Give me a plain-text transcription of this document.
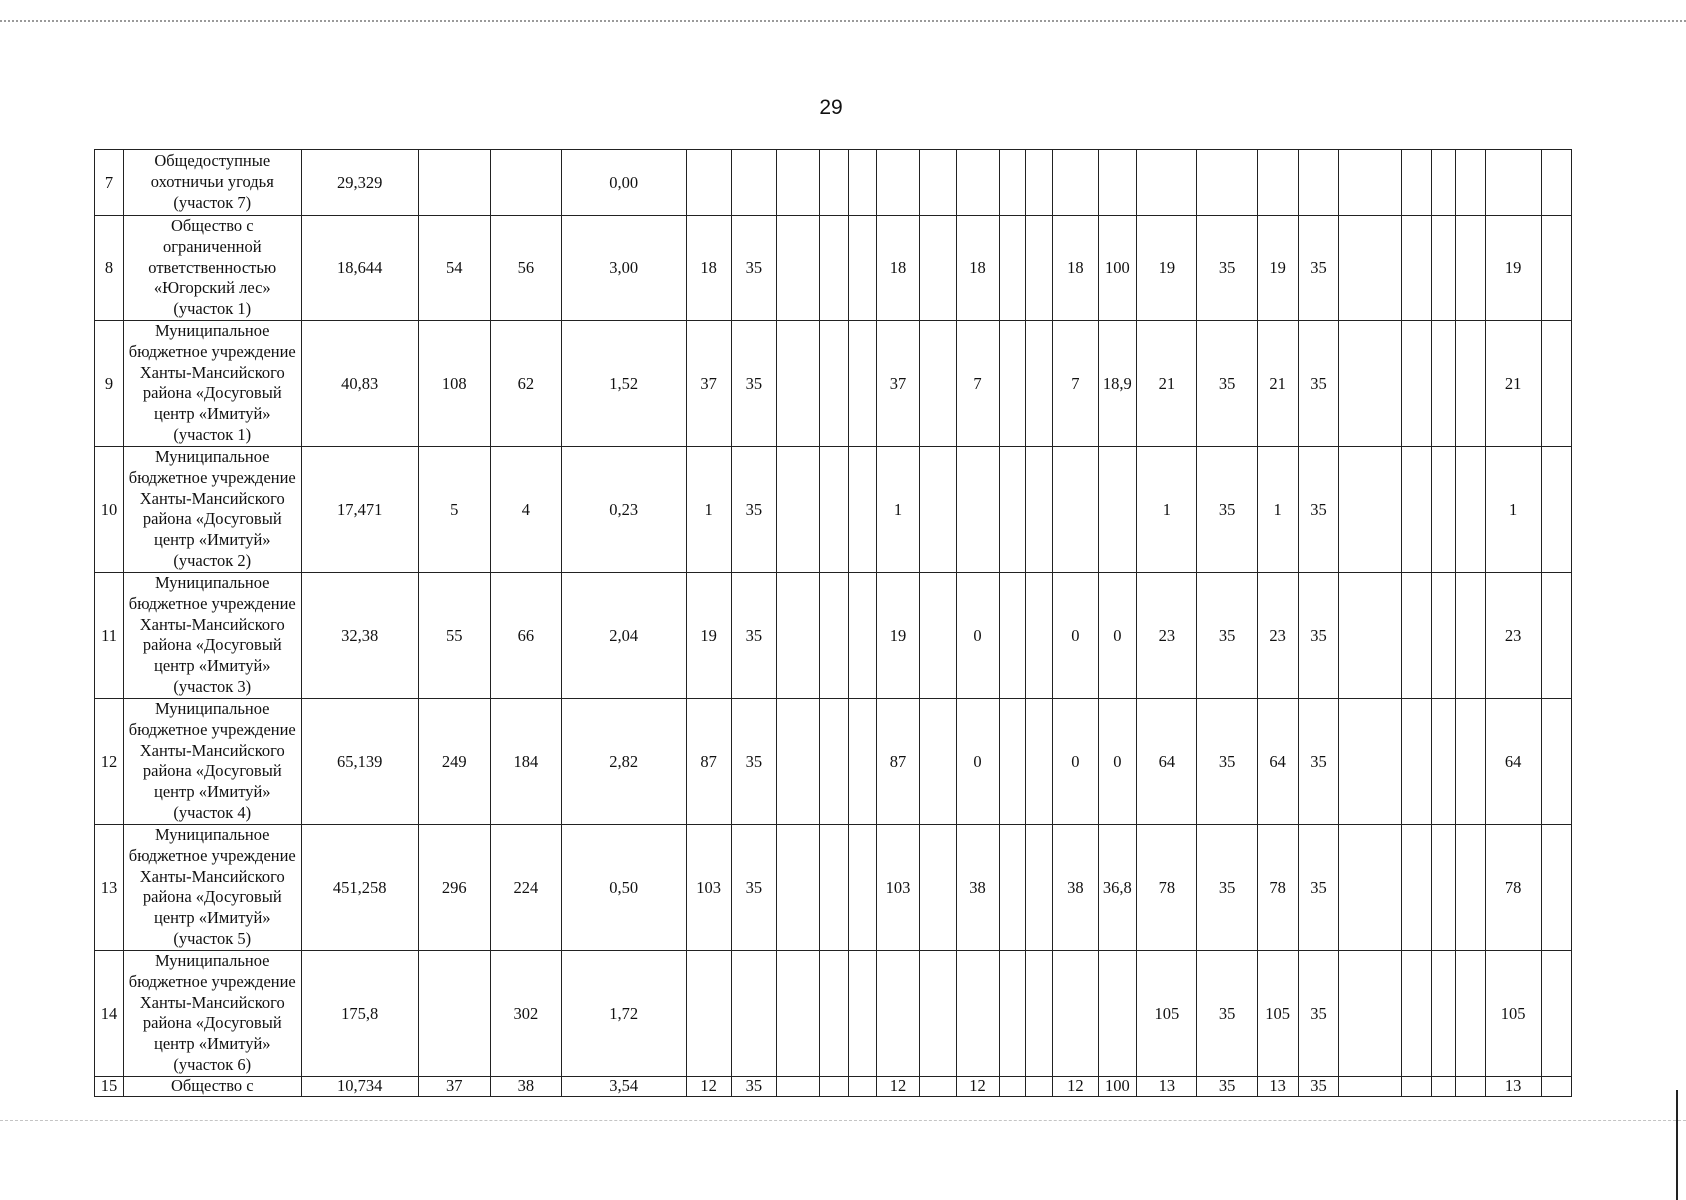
29
7	Общедоступные охотничьи угодья (участок 7)	29,329			0,00																						
8	Общество с ограниченной ответственностью «Югорский лес» (участок 1)	18,644	54	56	3,00	18	35				18		18			18	100	19	35	19	35					19	
9	Муниципальное бюджетное учреждение Ханты-Мансийского района «Досуговый центр «Имитуй» (участок 1)	40,83	108	62	1,52	37	35				37		7			7	18,9	21	35	21	35					21	
10	Муниципальное бюджетное учреждение Ханты-Мансийского района «Досуговый центр «Имитуй» (участок 2)	17,471	5	4	0,23	1	35				1							1	35	1	35					1	
11	Муниципальное бюджетное учреждение Ханты-Мансийского района «Досуговый центр «Имитуй» (участок 3)	32,38	55	66	2,04	19	35				19		0			0	0	23	35	23	35					23	
12	Муниципальное бюджетное учреждение Ханты-Мансийского района «Досуговый центр «Имитуй» (участок 4)	65,139	249	184	2,82	87	35				87		0			0	0	64	35	64	35					64	
13	Муниципальное бюджетное учреждение Ханты-Мансийского района «Досуговый центр «Имитуй» (участок 5)	451,258	296	224	0,50	103	35				103		38			38	36,8	78	35	78	35					78	
14	Муниципальное бюджетное учреждение Ханты-Мансийского района «Досуговый центр «Имитуй» (участок 6)	175,8		302	1,72													105	35	105	35					105	
15	Общество с	10,734	37	38	3,54	12	35				12		12			12	100	13	35	13	35					13	
